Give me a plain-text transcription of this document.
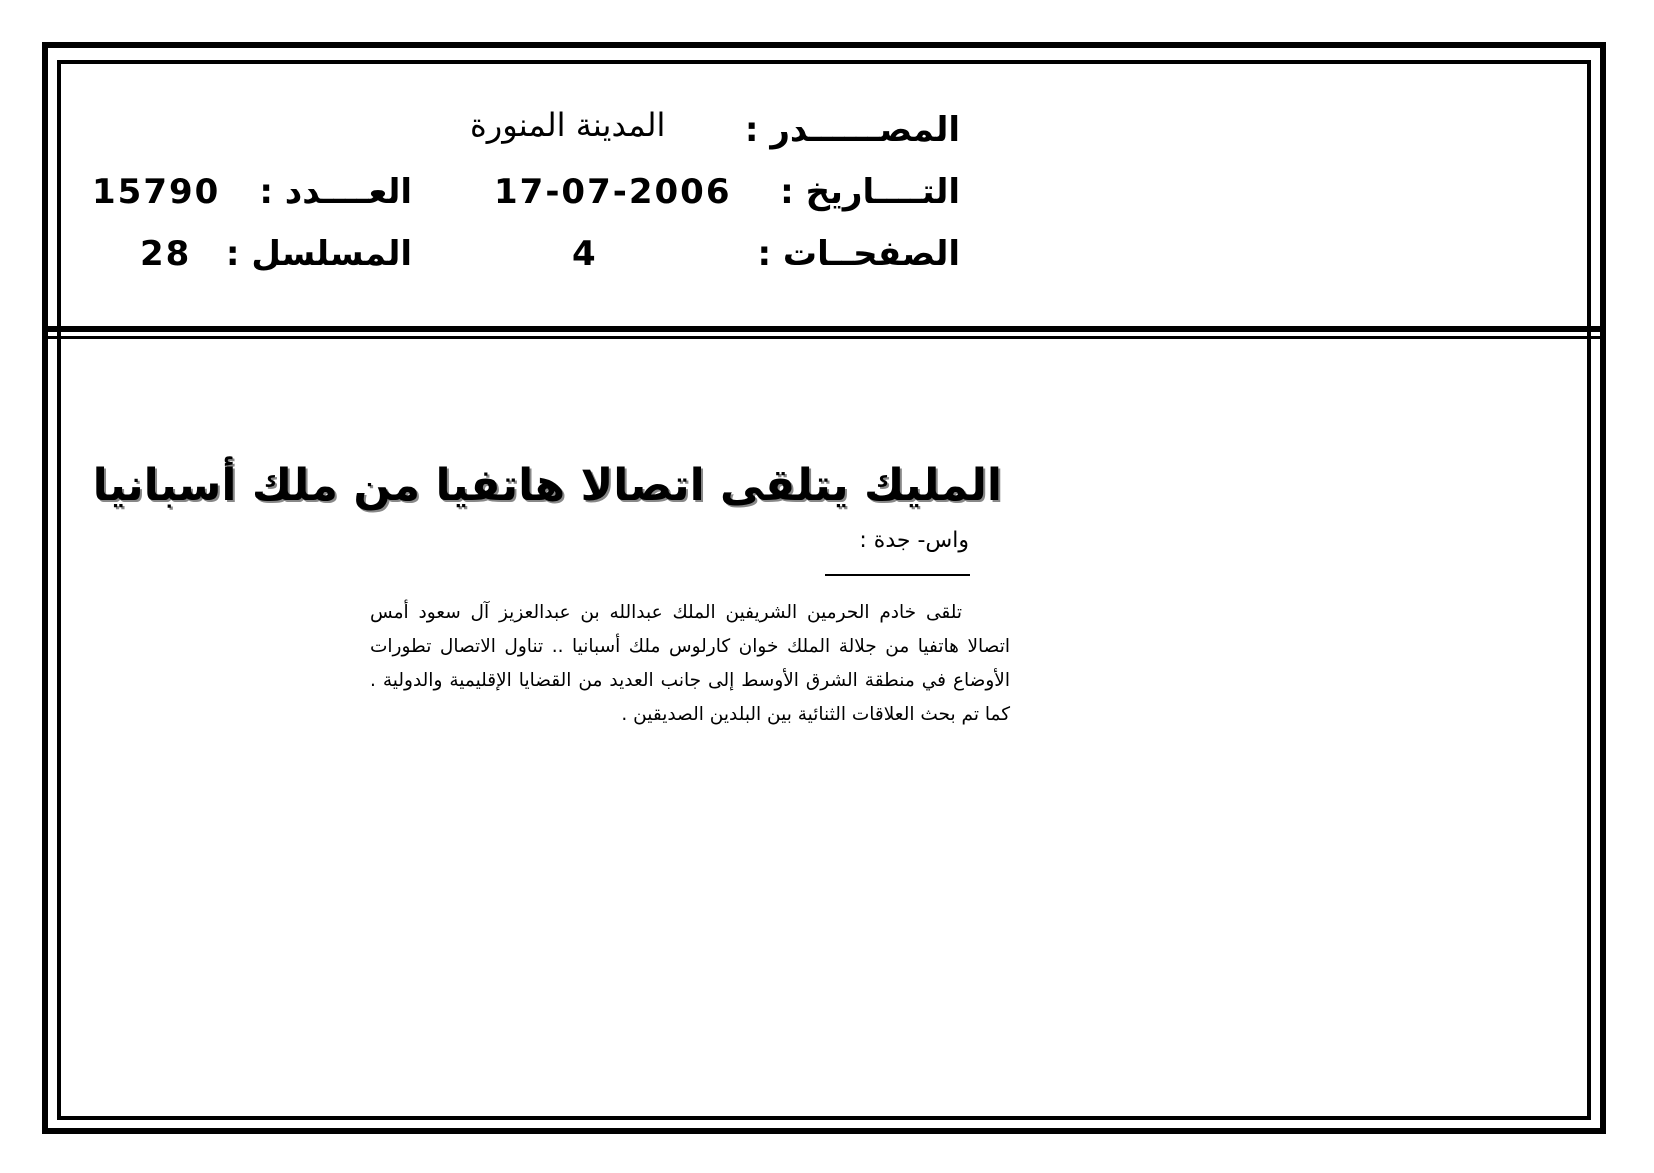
المصــــــدر :
المدينة المنورة
التــــاريخ :
17-07-2006
العــــدد :
15790
الصفحــات :
4
المسلسل :
28
المليك يتلقى اتصالا هاتفيا من ملك أسبانيا
واس- جدة :

تلقى خادم الحرمين الشريفين الملك عبدالله بن عبدالعزيز آل سعود أمس اتصالا هاتفيا من جلالة الملك خوان كارلوس ملك أسبانيا .. تناول الاتصال تطورات الأوضاع في منطقة الشرق الأوسط إلى جانب العديد من القضايا الإقليمية والدولية . كما تم بحث العلاقات الثنائية بين البلدين الصديقين .
